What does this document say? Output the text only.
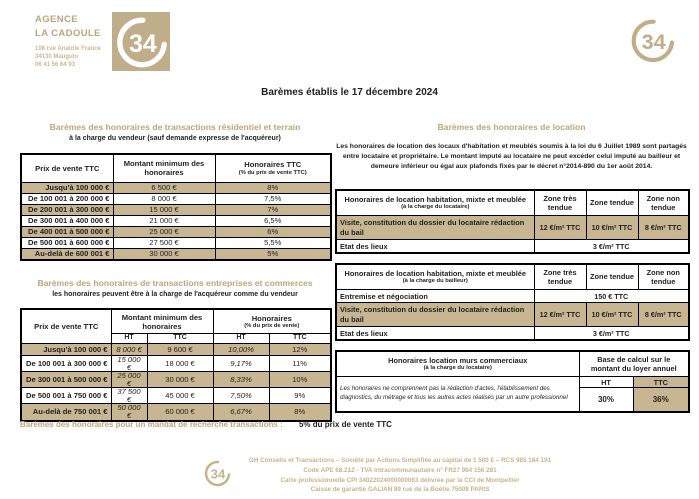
AGENCE
LA CADOULE
108 rue Anatole France
34130 Mauguio
06 41 56 64 93
34	34
Barèmes établis le 17 décembre 2024
Barèmes des honoraires de transactions résidentiel et terrain
à la charge du vendeur (sauf demande expresse de l'acquéreur)
Prix de vente TTC	Montant minimum des honoraires	Honoraires TTC
(% du prix de vente TTC)

Jusqu'à 100 000 €	6 500 €	8%
De 100 001 à 200 000 €	8 000 €	7,5%
De 200 001 à 300 000 €	15 000 €	7%
De 300 001 à 400 000 €	21 000 €	6,5%
De 400 001 à 500 000 €	25 000 €	6%
De 500 001 à 600 000 €	27 500 €	5,5%
Au-delà de 600 001 €	30 000 €	5%
Barèmes des honoraires de transactions entreprises et commerces
les honoraires peuvent être à la charge de l'acquéreur comme du vendeur
Prix de vente TTC	Montant minimum des honoraires		Honoraires
(% du prix de vente)	

	HT	TTC	HT	TTC
Jusqu'à 100 000 €	8 000 €	9 600 €	10,00%	12%
De 100 001 à 300 000 €	15 000 €	18 000 €	9,17%	11%
De 300 001 à 500 000 €	25 000 €	30 000 €	8,33%	10%
De 500 001 à 750 000 €	37 500 €	45 000 €	7,50%	9%
Au-delà de 750 001 €	50 000 €	60 000 €	6,67%	8%
Barèmes des honoraires de location
Les honoraires de location des locaux d'habitation et meublés soumis à la loi du 6 Juillet 1989 sont partagés entre locataire et propriétaire. Le montant imputé au locataire ne peut excéder celui imputé au bailleur et demeure inférieur ou égal aux plafonds fixés par le décret n°2014-890 du 1er août 2014.
Honoraires de location habitation, mixte et meublée
(à la charge du locataire)	Zone très tendue	Zone tendue	Zone non tendue
Visite, constitution du dossier du locataire rédaction du bail	12 €/m² TTC	10 €/m² TTC	8 €/m² TTC
Etat des lieux	3 €/m² TTC		
Honoraires de location habitation, mixte et meublée
(à la charge du bailleur)	Zone très tendue	Zone tendue	Zone non tendue
Entremise et négociation	150 € TTC		
Visite, constitution du dossier du locataire rédaction du bail	12 €/m² TTC	10 €/m² TTC	8 €/m² TTC
Etat des lieux	3 €/m² TTC		
Honoraires location murs commerciaux
(à la charge du locataire)	Base de calcul sur le montant du loyer annuel	
Les honoraires ne comprennent pas la rédaction d'actes, l'établissement des diagnostics, du métrage et tous les autres actes réalisés par un autre professionnel	HT	TTC
	30%	36%
Barèmes des honoraires pour un mandat de recherche transactions : 5% du prix de vente TTC
34
GH Conseils et Transactions – Société par Actions Simplifiée au capital de 1 500 € – RCS 985 184 191
Code APE 68.21Z - TVA intracommunautaire n° FR27 984 156 281
Carte professionnelle CPI 34022024000000063 délivrée par la CCI de Montpellier
Caisse de garantie GALIAN 89 rue de la Boétie 75008 PARIS
